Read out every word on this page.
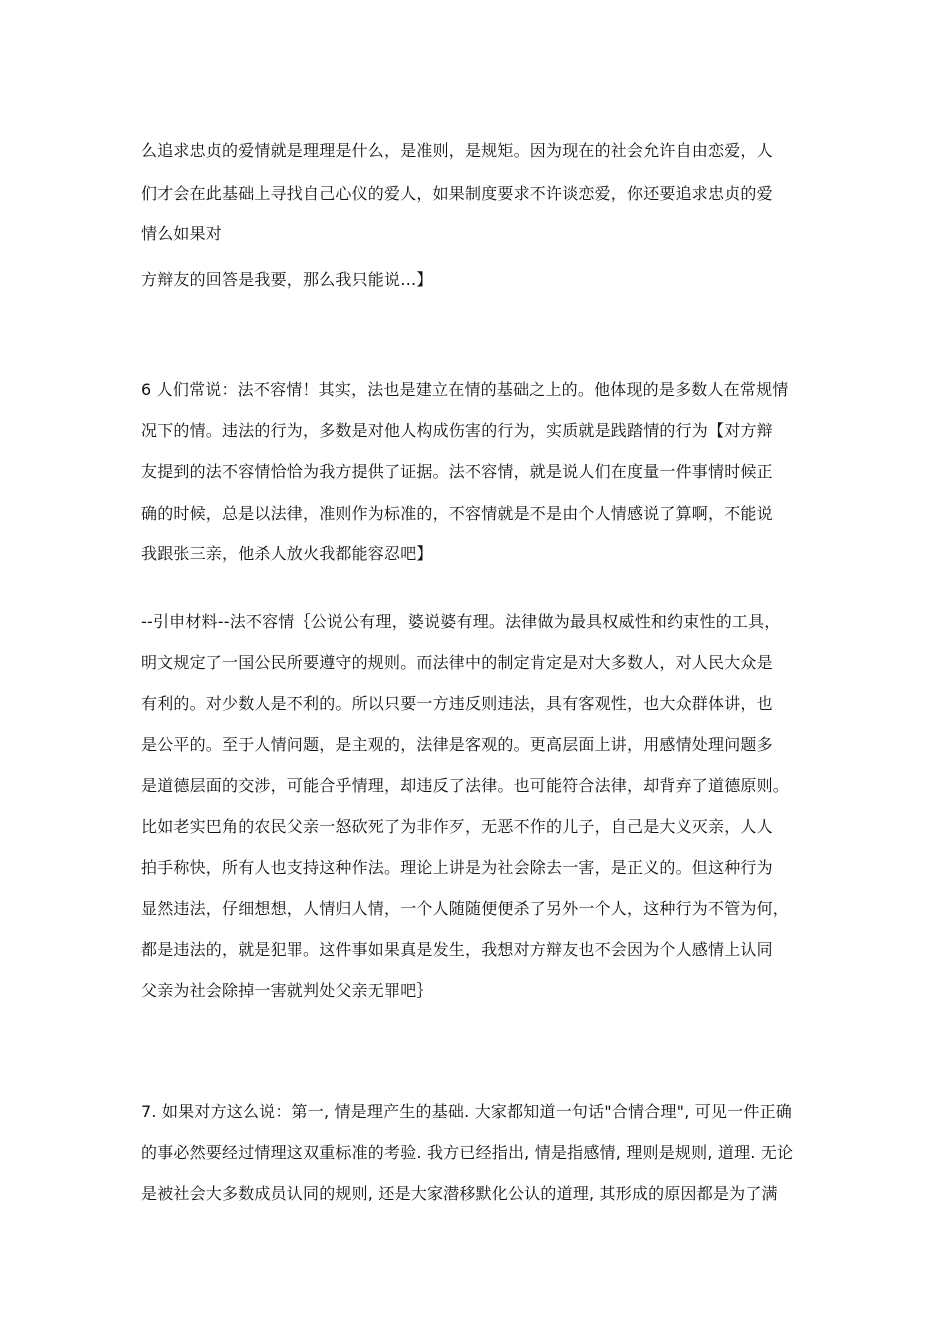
么追求忠贞的爱情就是理理是什么，是准则，是规矩。因为现在的社会允许自由恋爱，人

们才会在此基础上寻找自己心仪的爱人，如果制度要求不许谈恋爱，你还要追求忠贞的爱

情么如果对

方辩友的回答是我要，那么我只能说…】

6 人们常说：法不容情！其实，法也是建立在情的基础之上的。他体现的是多数人在常规情

况下的情。违法的行为，多数是对他人构成伤害的行为，实质就是践踏情的行为【对方辩

友提到的法不容情恰恰为我方提供了证据。法不容情，就是说人们在度量一件事情时候正

确的时候，总是以法律，准则作为标准的，不容情就是不是由个人情感说了算啊，不能说

我跟张三亲，他杀人放火我都能容忍吧】

--引申材料--法不容情｛公说公有理，婆说婆有理。法律做为最具权威性和约束性的工具，

明文规定了一国公民所要遵守的规则。而法律中的制定肯定是对大多数人，对人民大众是

有利的。对少数人是不利的。所以只要一方违反则违法，具有客观性，也大众群体讲，也

是公平的。至于人情问题，是主观的，法律是客观的。更高层面上讲，用感情处理问题多

是道德层面的交涉，可能合乎情理，却违反了法律。也可能符合法律，却背弃了道德原则。

比如老实巴角的农民父亲一怒砍死了为非作歹，无恶不作的儿子，自己是大义灭亲，人人

拍手称快，所有人也支持这种作法。理论上讲是为社会除去一害，是正义的。但这种行为

显然违法，仔细想想，人情归人情，一个人随随便便杀了另外一个人，这种行为不管为何，

都是违法的，就是犯罪。这件事如果真是发生，我想对方辩友也不会因为个人感情上认同

父亲为社会除掉一害就判处父亲无罪吧｝

7. 如果对方这么说：第一, 情是理产生的基础. 大家都知道一句话"合情合理", 可见一件正确

的事必然要经过情理这双重标准的考验. 我方已经指出, 情是指感情, 理则是规则, 道理. 无论

是被社会大多数成员认同的规则, 还是大家潜移默化公认的道理, 其形成的原因都是为了满
